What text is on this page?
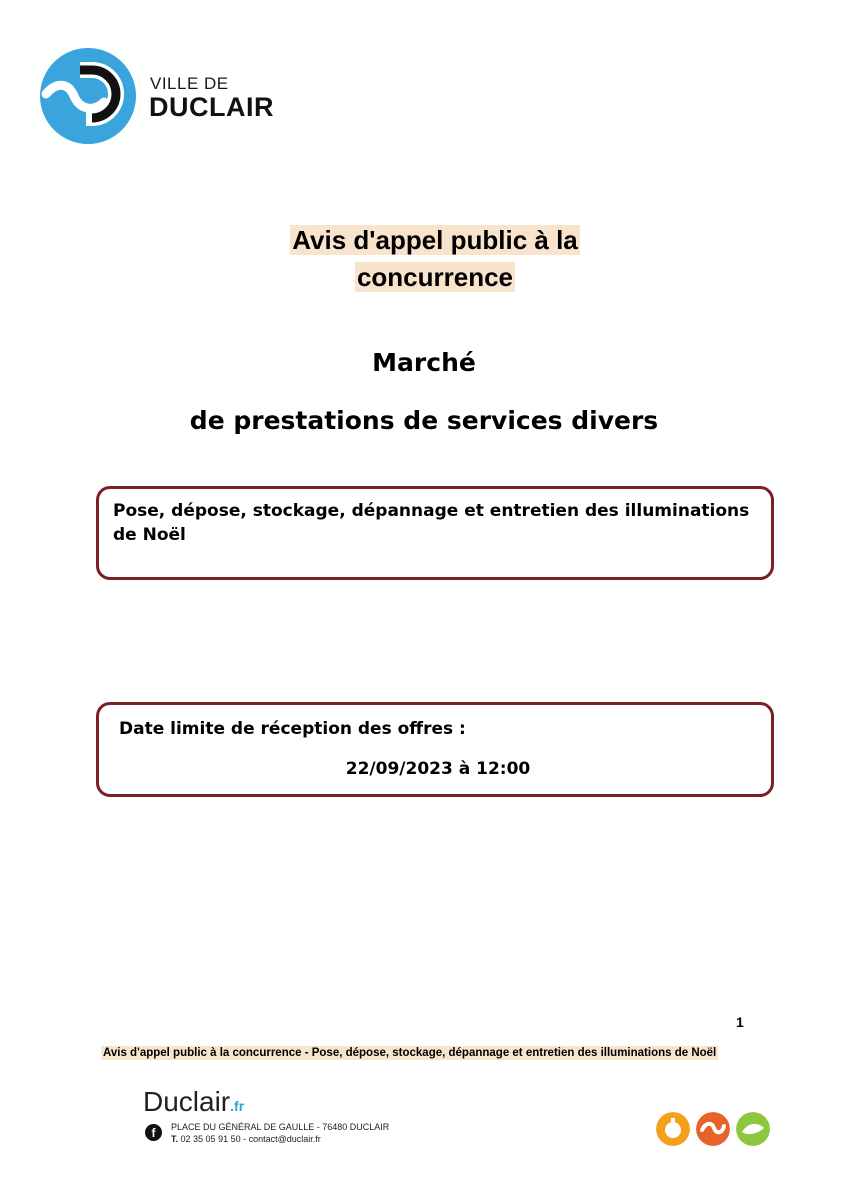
VILLE DE
DUCLAIR
Avis d'appel public à la
concurrence
Marché
de prestations de services divers
Pose, dépose, stockage, dépannage et entretien des illuminations de Noël
Date limite de réception des offres :
22/09/2023 à 12:00
1
Avis d'appel public à la concurrence - Pose, dépose, stockage, dépannage et entretien des illuminations de Noël
Duclair.fr
f	PLACE DU GÉNÉRAL DE GAULLE - 76480 DUCLAIR
T. 02 35 05 91 50 - contact@duclair.fr
